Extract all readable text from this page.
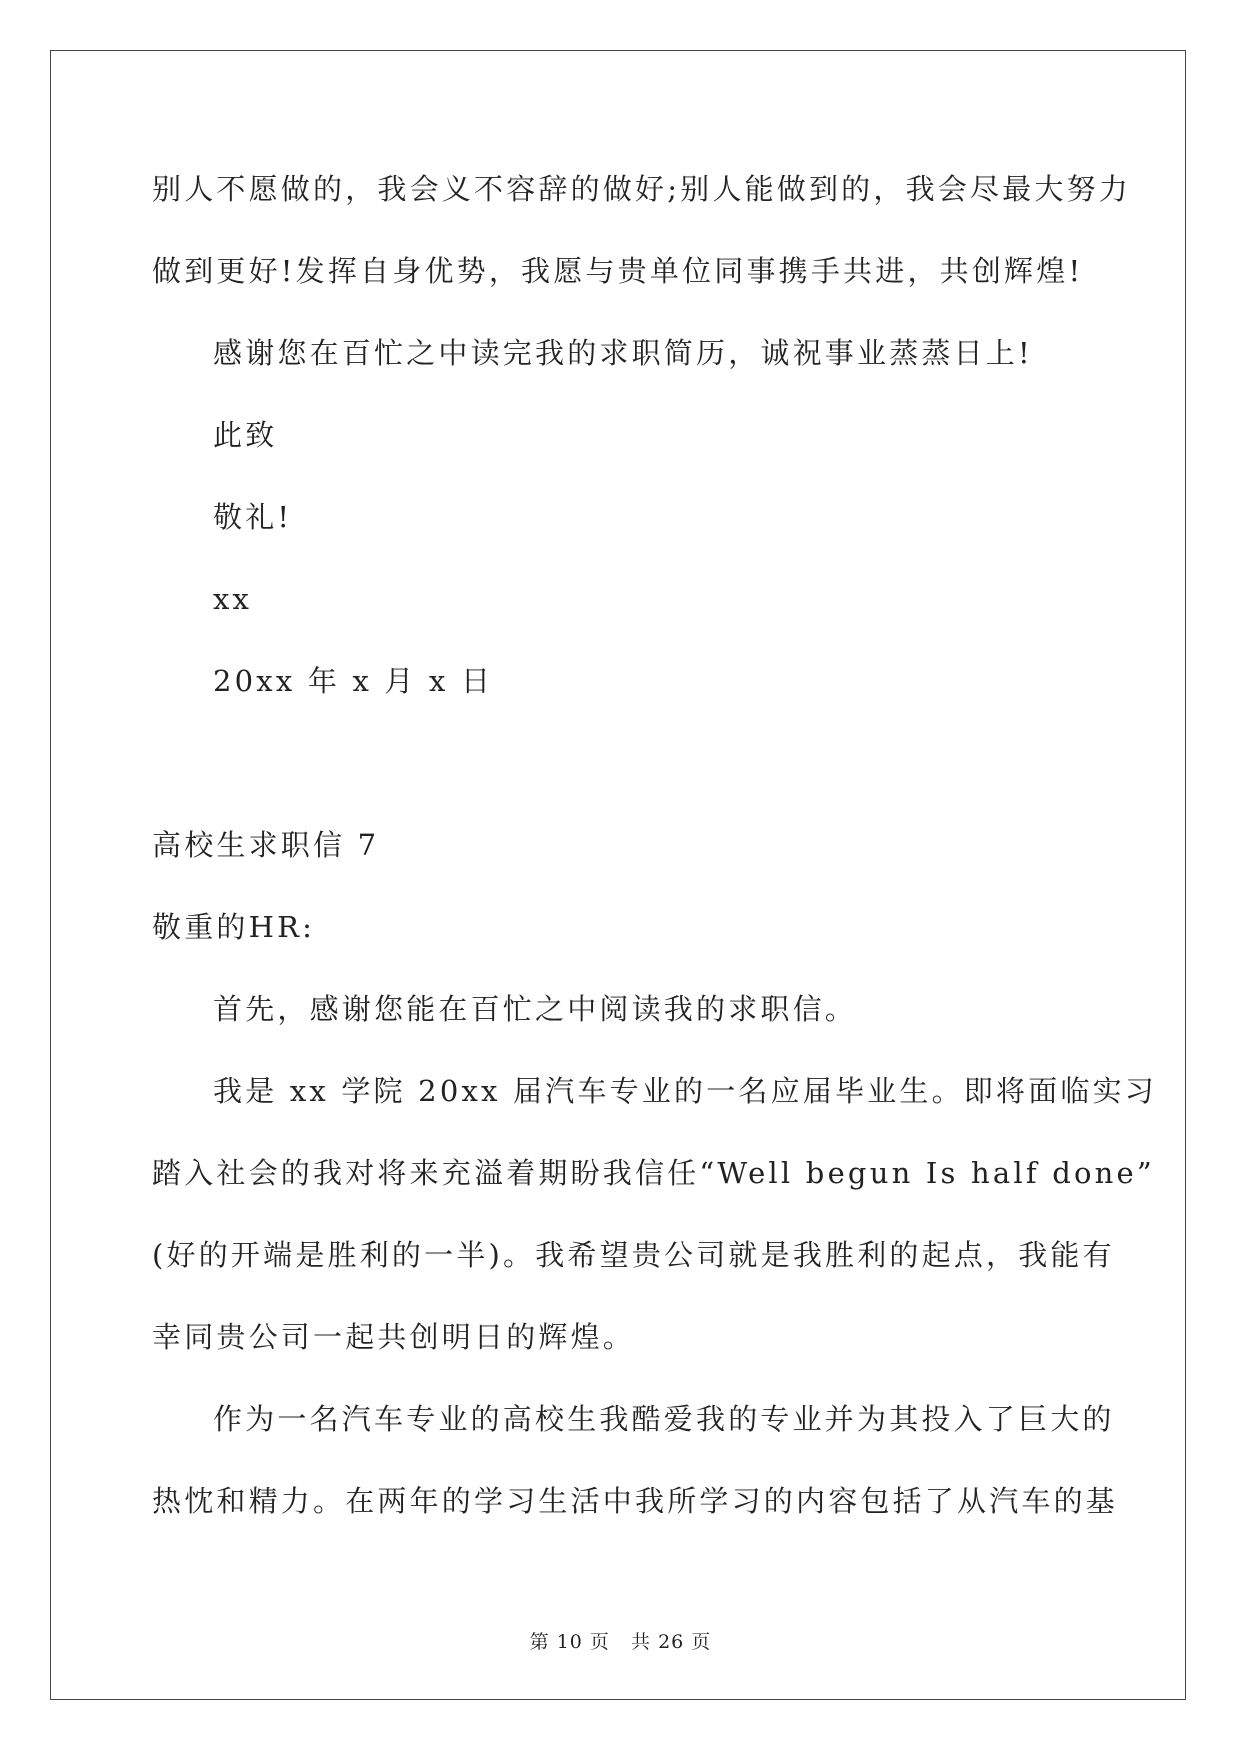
别人不愿做的，我会义不容辞的做好;别人能做到的，我会尽最大努力
做到更好!发挥自身优势，我愿与贵单位同事携手共进，共创辉煌!
感谢您在百忙之中读完我的求职简历，诚祝事业蒸蒸日上!
此致
敬礼!
xx
20xx 年 x 月 x 日
高校生求职信 7
敬重的HR:
首先，感谢您能在百忙之中阅读我的求职信。
我是 xx 学院 20xx 届汽车专业的一名应届毕业生。即将面临实习
踏入社会的我对将来充溢着期盼我信任“Well begun Is half done”
(好的开端是胜利的一半)。我希望贵公司就是我胜利的起点，我能有
幸同贵公司一起共创明日的辉煌。
作为一名汽车专业的高校生我酷爱我的专业并为其投入了巨大的
热忱和精力。在两年的学习生活中我所学习的内容包括了从汽车的基
第 10 页   共 26 页
